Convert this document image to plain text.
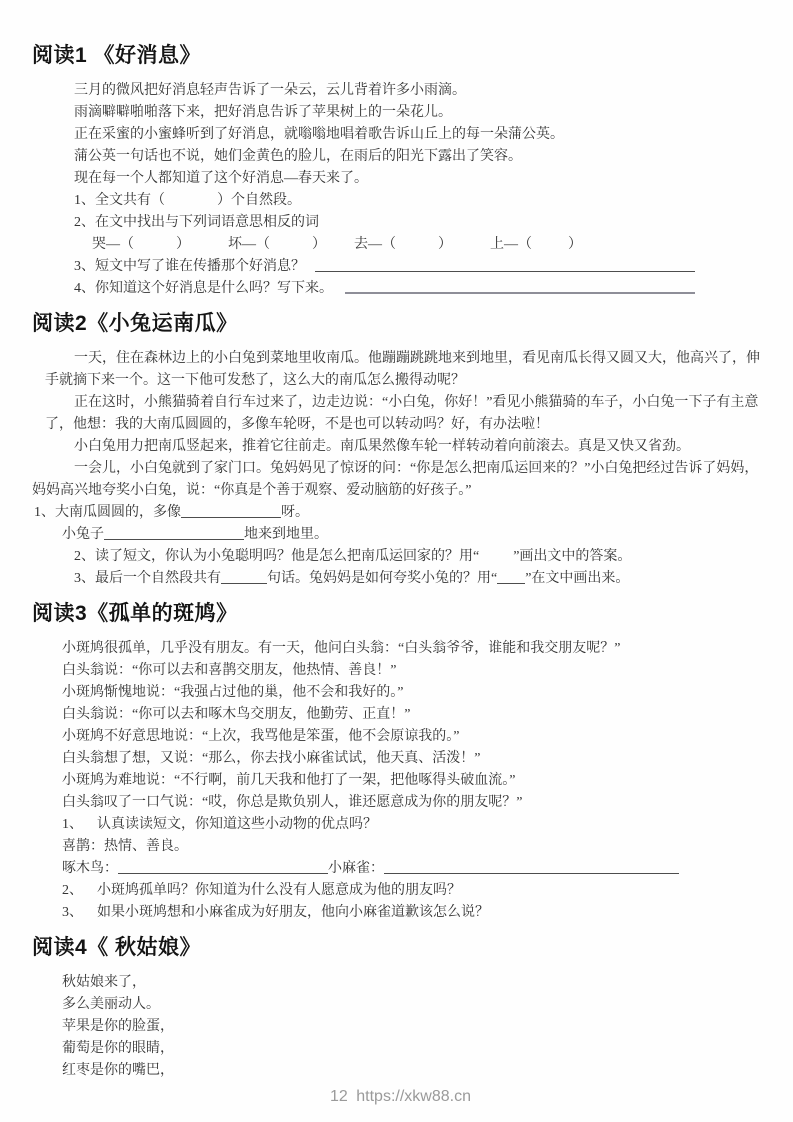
阅读1 《好消息》
三月的微风把好消息轻声告诉了一朵云，云儿背着许多小雨滴。
雨滴噼噼啪啪落下来，把好消息告诉了苹果树上的一朵花儿。
正在采蜜的小蜜蜂听到了好消息，就嗡嗡地唱着歌告诉山丘上的每一朵蒲公英。
蒲公英一句话也不说，她们金黄色的脸儿，在雨后的阳光下露出了笑容。
现在每一个人都知道了这个好消息—春天来了。
1、全文共有（	）个自然段。
2、在文中找出与下列词语意思相反的词
哭—（	）	坏—（	） 去—（	）	上—（	）
3、短文中写了谁在传播那个好消息？
4、你知道这个好消息是什么吗？写下来。
阅读2《小兔运南瓜》
一天，住在森林边上的小白兔到菜地里收南瓜。他蹦蹦跳跳地来到地里，看见南瓜长得又圆又大，他高兴了，伸
手就摘下来一个。这一下他可发愁了，这么大的南瓜怎么搬得动呢？
正在这时，小熊猫骑着自行车过来了，边走边说：“小白兔，你好！”看见小熊猫骑的车子，小白兔一下子有主意
了，他想：我的大南瓜圆圆的，多像车轮呀，不是也可以转动吗？好，有办法啦！
小白兔用力把南瓜竖起来，推着它往前走。南瓜果然像车轮一样转动着向前滚去。真是又快又省劲。
一会儿，小白兔就到了家门口。兔妈妈见了惊讶的问：“你是怎么把南瓜运回来的？”小白兔把经过告诉了妈妈，
妈妈高兴地夸奖小白兔，说：“你真是个善于观察、爱动脑筋的好孩子。”
1、大南瓜圆圆的，多像	呀。
小兔子	地来到地里。
2、读了短文，你认为小兔聪明吗？他是怎么把南瓜运回家的？用“ ”画出文中的答案。
3、最后一个自然段共有	句话。兔妈妈是如何夸奖小兔的？用“ ”在文中画出来。
阅读3《孤单的斑鸠》
小斑鸠很孤单，几乎没有朋友。有一天，他问白头翁：“白头翁爷爷，谁能和我交朋友呢？”
白头翁说：“你可以去和喜鹊交朋友，他热情、善良！”
小斑鸠惭愧地说：“我强占过他的巢，他不会和我好的。”
白头翁说：“你可以去和啄木鸟交朋友，他勤劳、正直！”
小斑鸠不好意思地说：“上次，我骂他是笨蛋，他不会原谅我的。”
白头翁想了想，又说：“那么，你去找小麻雀试试，他天真、活泼！”
小斑鸠为难地说：“不行啊，前几天我和他打了一架，把他啄得头破血流。”
白头翁叹了一口气说：“哎，你总是欺负别人，谁还愿意成为你的朋友呢？”
1、 认真读读短文，你知道这些小动物的优点吗？
喜鹊：热情、善良。
啄木鸟：	小麻雀：
2、 小斑鸠孤单吗？你知道为什么没有人愿意成为他的朋友吗？
3、 如果小斑鸠想和小麻雀成为好朋友，他向小麻雀道歉该怎么说？
阅读4《 秋姑娘》
秋姑娘来了，
多么美丽动人。
苹果是你的脸蛋，
葡萄是你的眼睛，
红枣是你的嘴巴，
12 https://xkw88.cn
